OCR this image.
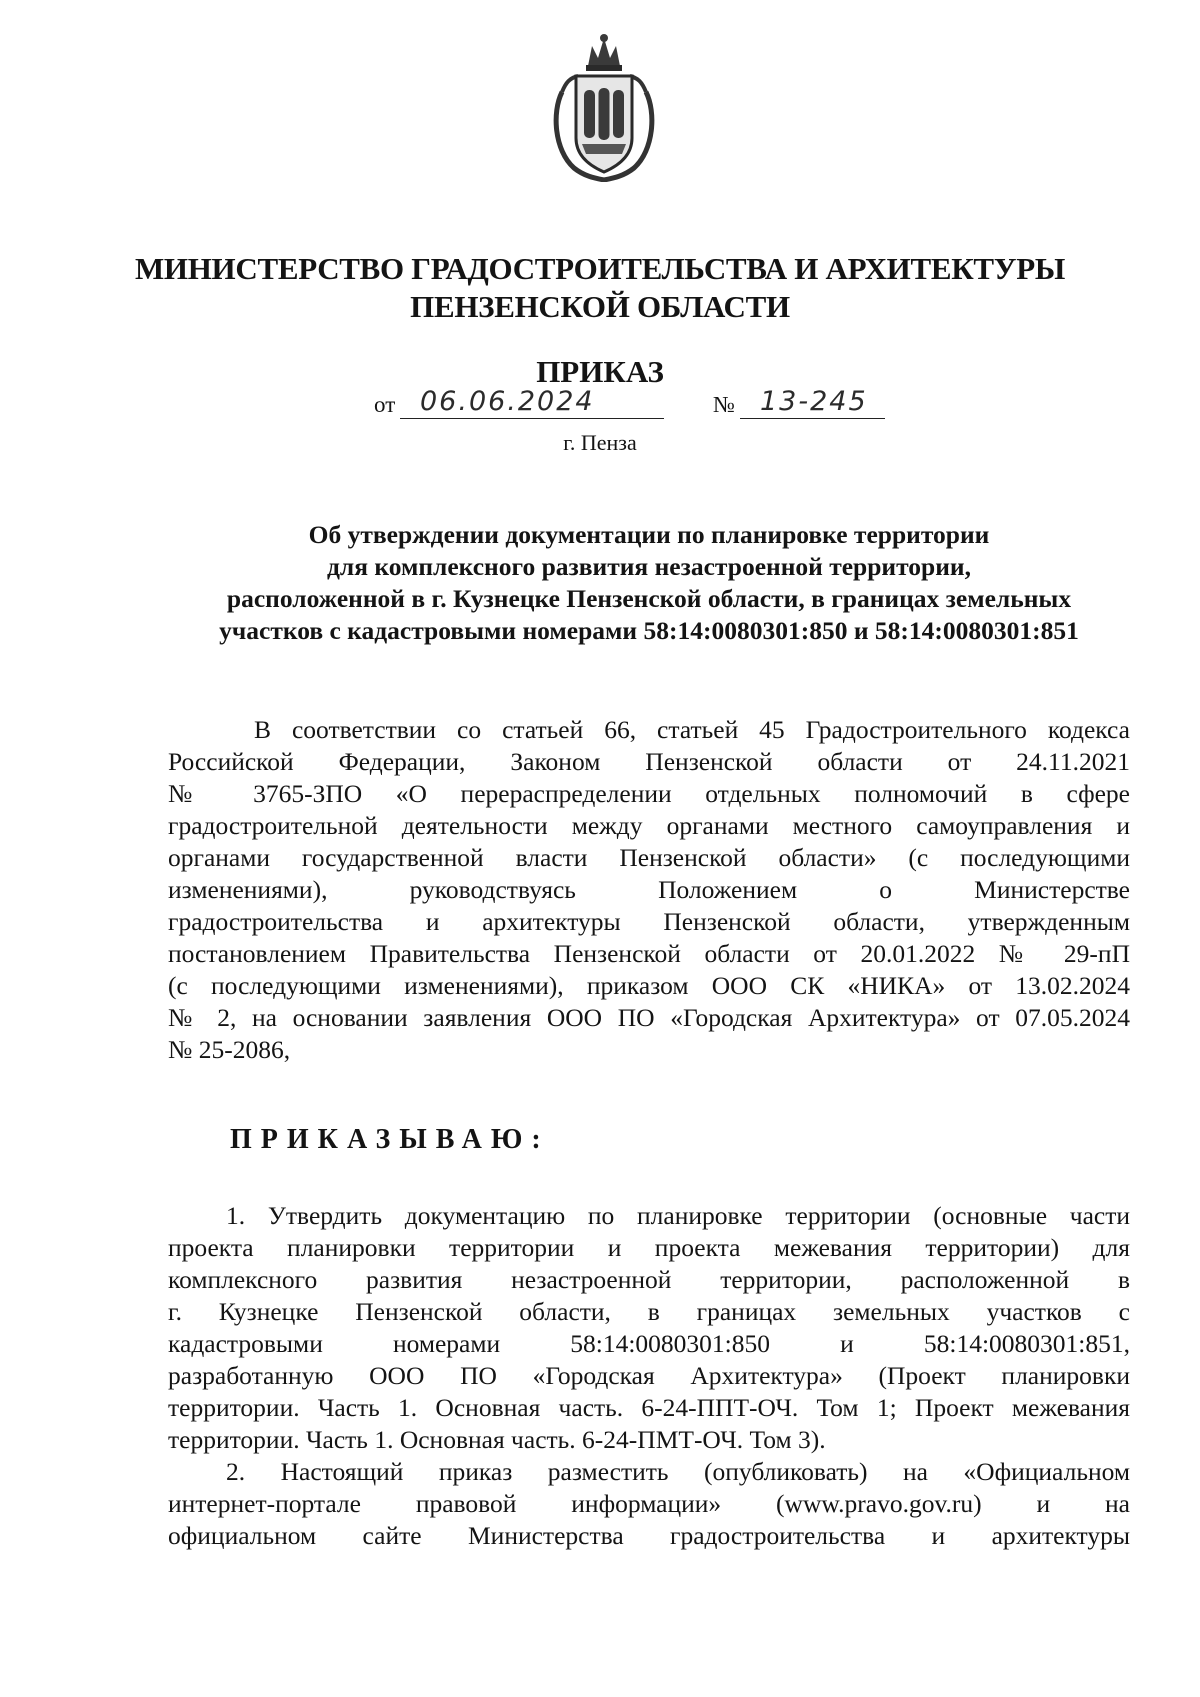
МИНИСТЕРСТВО ГРАДОСТРОИТЕЛЬСТВА И АРХИТЕКТУРЫ
ПЕНЗЕНСКОЙ ОБЛАСТИ
ПРИКАЗ
от 06.06.2024	№ 13-245
г. Пенза
Об утверждении документации по планировке территории
для комплексного развития незастроенной территории,
расположенной в г. Кузнецке Пензенской области, в границах земельных
участков с кадастровыми номерами 58:14:0080301:850 и 58:14:0080301:851
В соответствии со статьей 66, статьей 45 Градостроительного кодекса
Российской Федерации, Законом Пензенской области от 24.11.2021
№ 3765-ЗПО «О перераспределении отдельных полномочий в сфере
градостроительной деятельности между органами местного самоуправления и
органами государственной власти Пензенской области» (с последующими
изменениями), руководствуясь Положением о Министерстве
градостроительства и архитектуры Пензенской области, утвержденным
постановлением Правительства Пензенской области от 20.01.2022 № 29-пП
(с последующими изменениями), приказом ООО СК «НИКА» от 13.02.2024
№ 2, на основании заявления ООО ПО «Городская Архитектура» от 07.05.2024
№ 25-2086,
ПРИКАЗЫВАЮ:
1. Утвердить документацию по планировке территории (основные части
проекта планировки территории и проекта межевания территории) для
комплексного развития незастроенной территории, расположенной в
г. Кузнецке Пензенской области, в границах земельных участков с
кадастровыми номерами 58:14:0080301:850 и 58:14:0080301:851,
разработанную ООО ПО «Городская Архитектура» (Проект планировки
территории. Часть 1. Основная часть. 6-24-ППТ-ОЧ. Том 1; Проект межевания
территории. Часть 1. Основная часть. 6-24-ПМТ-ОЧ. Том 3).
2. Настоящий приказ разместить (опубликовать) на «Официальном
интернет-портале правовой информации» (www.pravo.gov.ru) и на
официальном сайте Министерства градостроительства и архитектуры
